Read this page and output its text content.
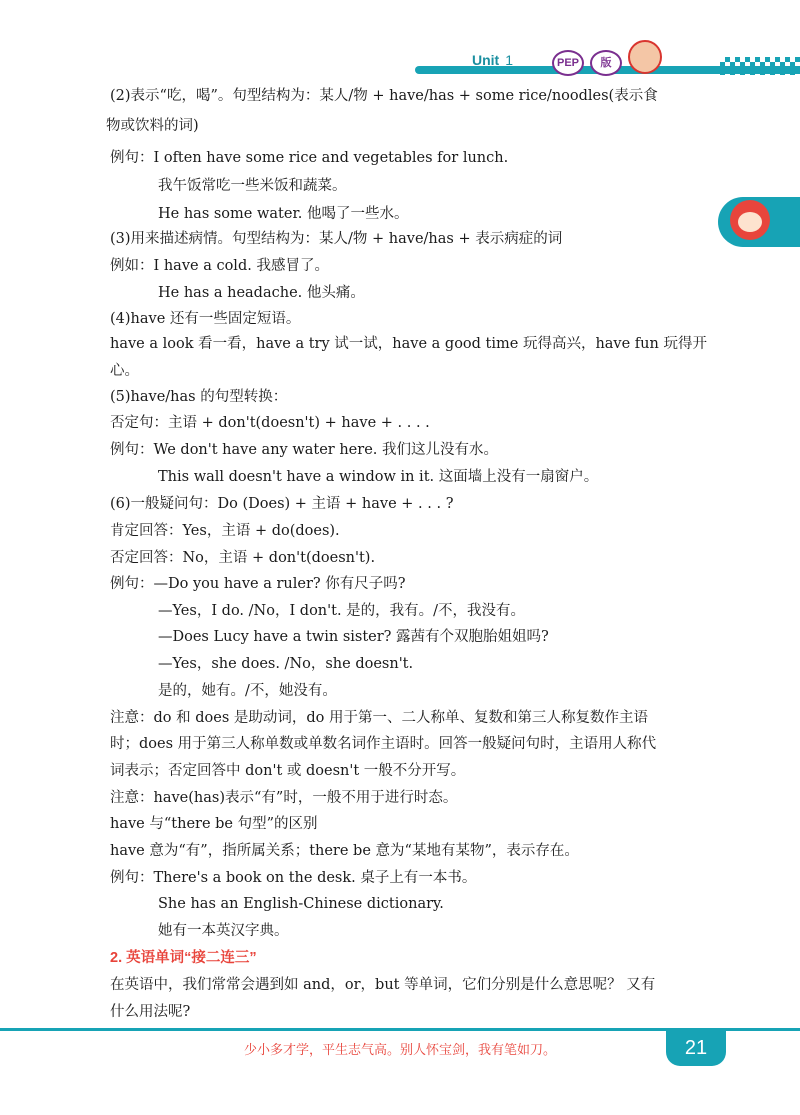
Unit 1	PEP	版
(2)表示“吃，喝”。句型结构为：某人/物 + have/has + some rice/noodles(表示食
物或饮料的词)
例句：I often have some rice and vegetables for lunch.
我午饭常吃一些米饭和蔬菜。
He has some water. 他喝了一些水。
(3)用来描述病情。句型结构为：某人/物 + have/has + 表示病症的词
例如：I have a cold. 我感冒了。
He has a headache. 他头痛。
(4)have 还有一些固定短语。
have a look 看一看，have a try 试一试，have a good time 玩得高兴，have fun 玩得开
心。
(5)have/has 的句型转换：
否定句：主语 + don't(doesn't) + have + . . . .
例句：We don't have any water here. 我们这儿没有水。
This wall doesn't have a window in it. 这面墙上没有一扇窗户。
(6)一般疑问句：Do (Does) + 主语 + have + . . . ?
肯定回答：Yes，主语 + do(does).
否定回答：No，主语 + don't(doesn't).
例句：—Do you have a ruler? 你有尺子吗?
—Yes，I do. /No，I don't. 是的，我有。/不，我没有。
—Does Lucy have a twin sister? 露茜有个双胞胎姐姐吗?
—Yes，she does. /No，she doesn't.
是的，她有。/不，她没有。
注意：do 和 does 是助动词，do 用于第一、二人称单、复数和第三人称复数作主语
时；does 用于第三人称单数或单数名词作主语时。回答一般疑问句时，主语用人称代
词表示；否定回答中 don't 或 doesn't 一般不分开写。
注意：have(has)表示“有”时，一般不用于进行时态。
have 与“there be 句型”的区别
have 意为“有”，指所属关系；there be 意为“某地有某物”，表示存在。
例句：There's a book on the desk. 桌子上有一本书。
She has an English-Chinese dictionary.
她有一本英汉字典。
2. 英语单词“接二连三”
在英语中，我们常常会遇到如 and，or，but 等单词，它们分别是什么意思呢？ 又有
什么用法呢?
少小多才学，平生志气高。别人怀宝剑，我有笔如刀。	21
